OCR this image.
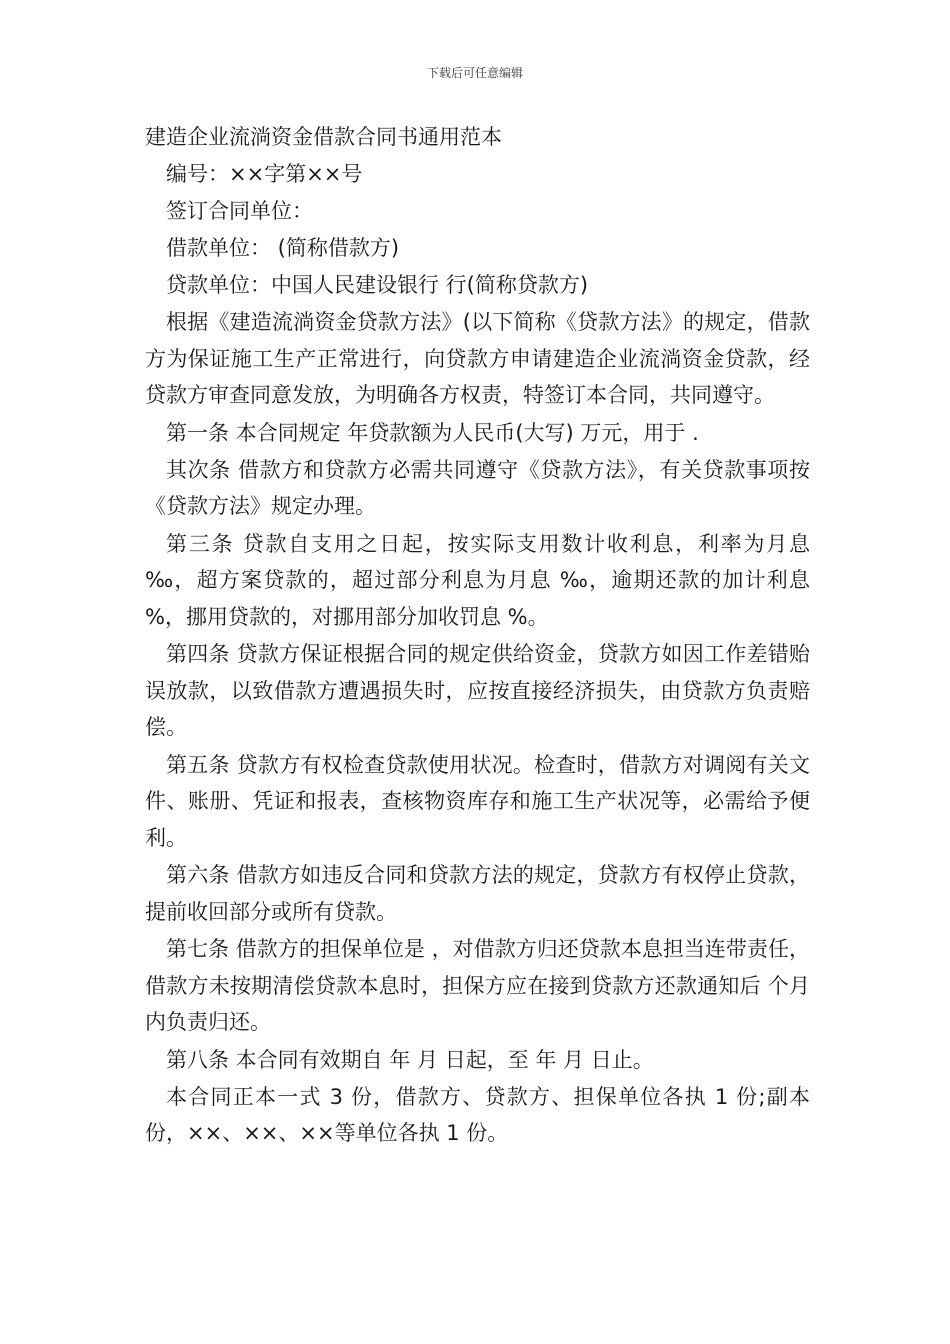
下载后可任意编辑
建造企业流淌资金借款合同书通用范本

编号：××字第××号

签订合同单位：

借款单位： (简称借款方)

贷款单位：中国人民建设银行 行(简称贷款方)

根据《建造流淌资金贷款方法》(以下简称《贷款方法》的规定，借款方为保证施工生产正常进行，向贷款方申请建造企业流淌资金贷款，经贷款方审查同意发放，为明确各方权责，特签订本合同，共同遵守。

第一条 本合同规定 年贷款额为人民币(大写) 万元，用于 .

其次条 借款方和贷款方必需共同遵守《贷款方法》，有关贷款事项按《贷款方法》规定办理。

第三条 贷款自支用之日起，按实际支用数计收利息，利率为月息 ‰，超方案贷款的，超过部分利息为月息 ‰，逾期还款的加计利息 %，挪用贷款的，对挪用部分加收罚息 %。

第四条 贷款方保证根据合同的规定供给资金，贷款方如因工作差错贻误放款，以致借款方遭遇损失时，应按直接经济损失，由贷款方负责赔偿。

第五条 贷款方有权检查贷款使用状况。检查时，借款方对调阅有关文件、账册、凭证和报表，查核物资库存和施工生产状况等，必需给予便利。

第六条 借款方如违反合同和贷款方法的规定，贷款方有权停止贷款，提前收回部分或所有贷款。

第七条 借款方的担保单位是 ，对借款方归还贷款本息担当连带责任，借款方未按期清偿贷款本息时，担保方应在接到贷款方还款通知后 个月内负责归还。

第八条 本合同有效期自 年 月 日起，至 年 月 日止。

本合同正本一式 3 份，借款方、贷款方、担保单位各执 1 份;副本 份，××、××、××等单位各执 1 份。
